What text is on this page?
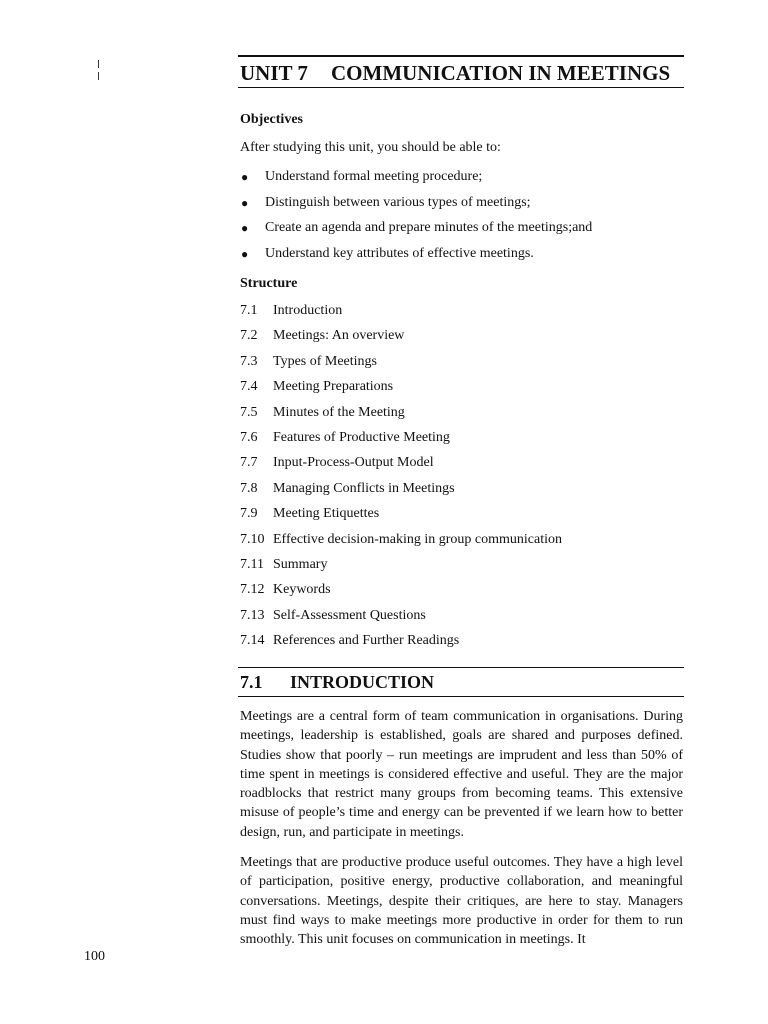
UNIT 7 COMMUNICATION IN MEETINGS
Objectives
After studying this unit, you should be able to:
● Understand formal meeting procedure;
● Distinguish between various types of meetings;
● Create an agenda and prepare minutes of the meetings;and
● Understand key attributes of effective meetings.
Structure
7.1 Introduction
7.2 Meetings: An overview
7.3 Types of Meetings
7.4 Meeting Preparations
7.5 Minutes of the Meeting
7.6 Features of Productive Meeting
7.7 Input-Process-Output Model
7.8 Managing Conflicts in Meetings
7.9 Meeting Etiquettes
7.10 Effective decision-making in group communication
7.11 Summary
7.12 Keywords
7.13 Self-Assessment Questions
7.14 References and Further Readings
7.1 INTRODUCTION

Meetings are a central form of team communication in organisations. During meetings, leadership is established, goals are shared and purposes defined. Studies show that poorly – run meetings are imprudent and less than 50% of time spent in meetings is considered effective and useful. They are the major roadblocks that restrict many groups from becoming teams. This extensive misuse of people’s time and energy can be prevented if we learn how to better design, run, and participate in meetings.

Meetings that are productive produce useful outcomes. They have a high level of participation, positive energy, productive collaboration, and meaningful conversations. Meetings, despite their critiques, are here to stay. Managers must find ways to make meetings more productive in order for them to run smoothly. This unit focuses on communication in meetings. It

100
